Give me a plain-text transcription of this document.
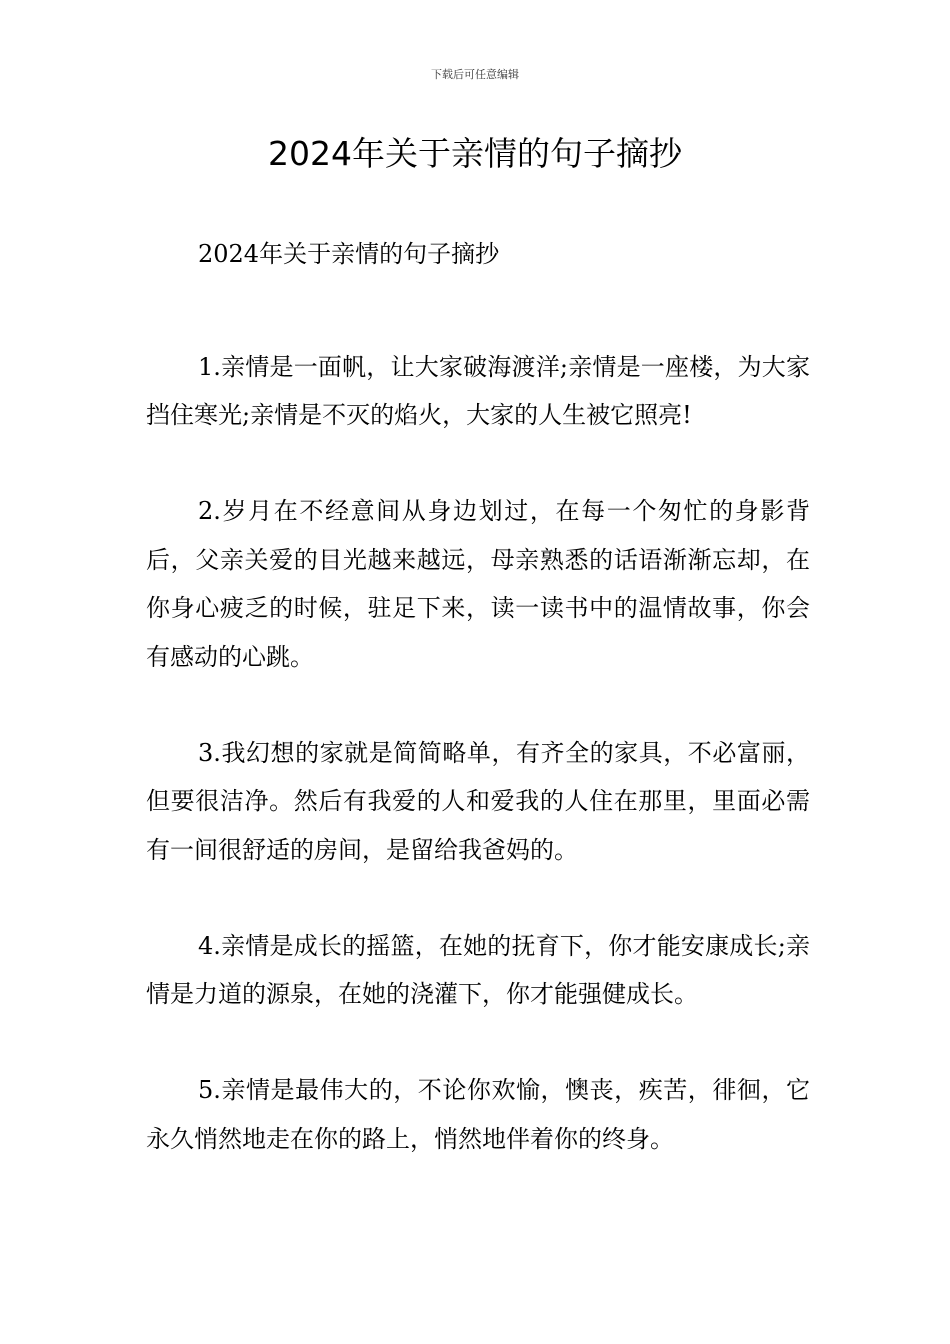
下载后可任意编辑
2024年关于亲情的句子摘抄

2024年关于亲情的句子摘抄

1.亲情是一面帆，让大家破海渡洋;亲情是一座楼，为大家挡住寒光;亲情是不灭的焰火，大家的人生被它照亮!

2.岁月在不经意间从身边划过，在每一个匆忙的身影背后，父亲关爱的目光越来越远，母亲熟悉的话语渐渐忘却，在你身心疲乏的时候，驻足下来，读一读书中的温情故事，你会有感动的心跳。

3.我幻想的家就是简简略单，有齐全的家具，不必富丽，但要很洁净。然后有我爱的人和爱我的人住在那里，里面必需有一间很舒适的房间，是留给我爸妈的。

4.亲情是成长的摇篮，在她的抚育下，你才能安康成长;亲情是力道的源泉，在她的浇灌下，你才能强健成长。

5.亲情是最伟大的，不论你欢愉，懊丧，疾苦，徘徊，它永久悄然地走在你的路上，悄然地伴着你的终身。
